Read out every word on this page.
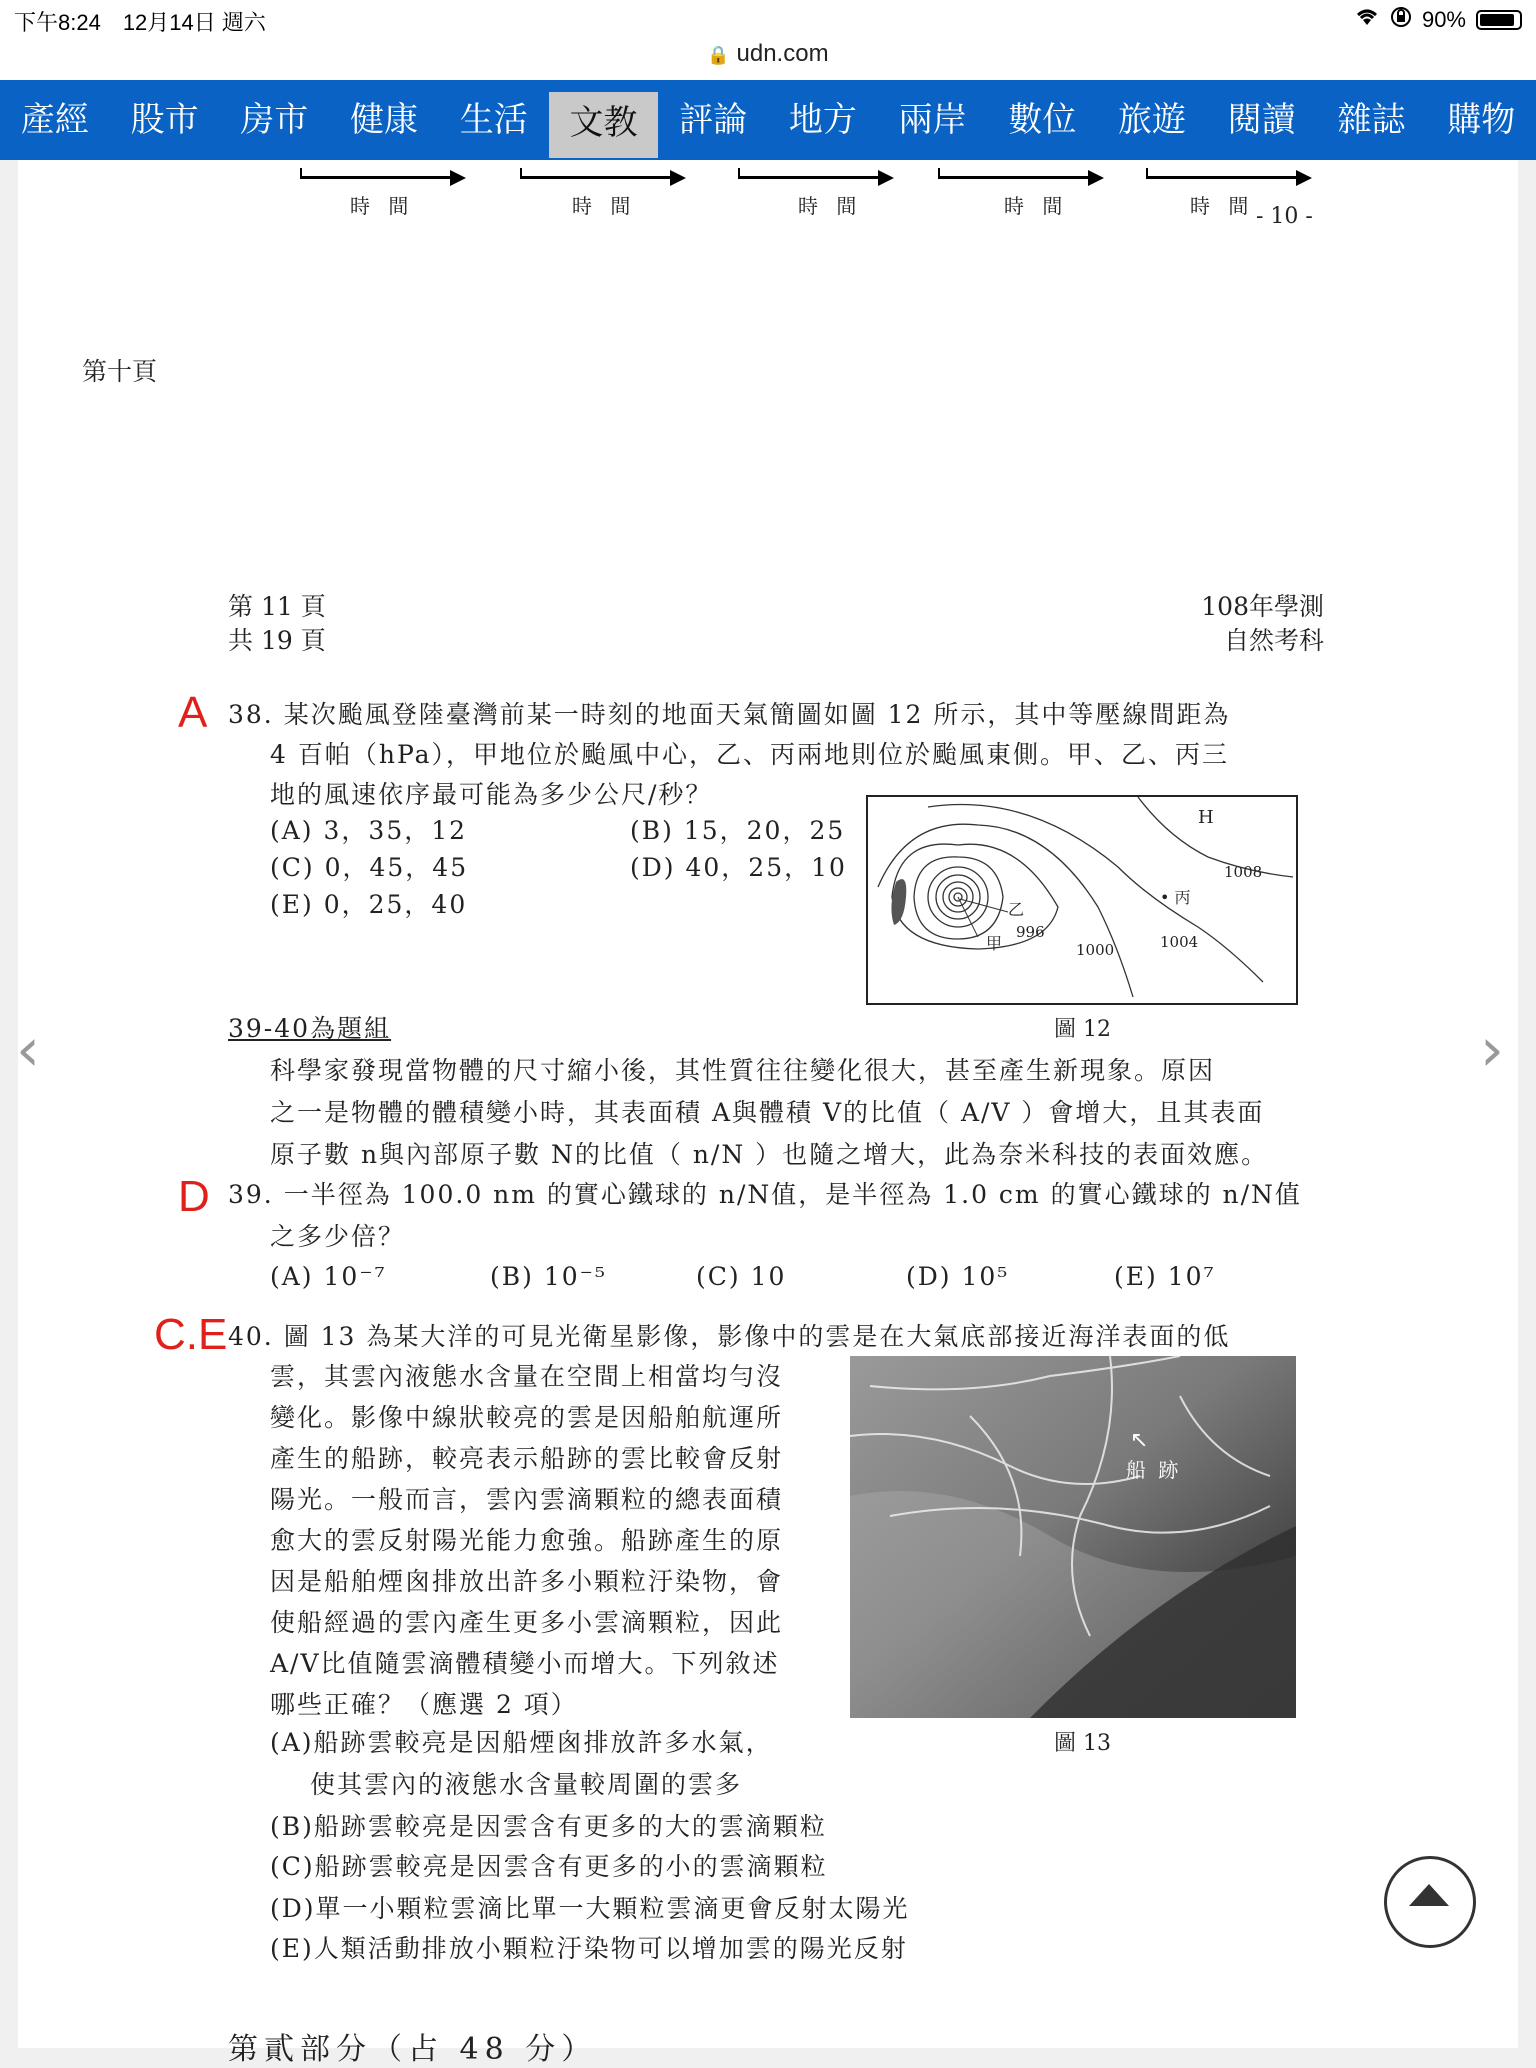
下午8:24　12月14日 週六	90%
🔒 udn.com
產經	股市	房市	健康	生活	文教	評論	地方	兩岸	數位	旅遊	閱讀	雜誌	購物
時 間	時 間	時 間	時 間	時 間 - 10 -
第十頁
第 11 頁
共 19 頁
108年學測
自然考科
A 38. 某次颱風登陸臺灣前某一時刻的地面天氣簡圖如圖 12 所示，其中等壓線間距為
4 百帕（hPa），甲地位於颱風中心，乙、丙兩地則位於颱風東側。甲、乙、丙三
地的風速依序最可能為多少公尺/秒？
(A) 3，35，12	(B) 15，20，25
(C) 0，45，45	(D) 40，25，10
(E) 0，25，40
H
1008
1004
1000
996
甲
乙
• 丙
圖 12
39-40為題組
科學家發現當物體的尺寸縮小後，其性質往往變化很大，甚至產生新現象。原因
之一是物體的體積變小時，其表面積 A與體積 V的比值（ A/V ）會增大，且其表面
原子數 n與內部原子數 N的比值（ n/N ）也隨之增大，此為奈米科技的表面效應。
D 39. 一半徑為 100.0 nm 的實心鐵球的 n/N值，是半徑為 1.0 cm 的實心鐵球的 n/N值
之多少倍？
(A) 10⁻⁷	(B) 10⁻⁵	(C) 10	(D) 10⁵	(E) 10⁷
C.E 40. 圖 13 為某大洋的可見光衛星影像，影像中的雲是在大氣底部接近海洋表面的低
雲，其雲內液態水含量在空間上相當均勻沒
變化。影像中線狀較亮的雲是因船舶航運所
產生的船跡，較亮表示船跡的雲比較會反射
陽光。一般而言，雲內雲滴顆粒的總表面積
愈大的雲反射陽光能力愈強。船跡產生的原
因是船舶煙囪排放出許多小顆粒汙染物，會
使船經過的雲內產生更多小雲滴顆粒，因此
A/V比值隨雲滴體積變小而增大。下列敘述
哪些正確？（應選 2 項）
↖
船 跡
圖 13
(A)船跡雲較亮是因船煙囪排放許多水氣，
使其雲內的液態水含量較周圍的雲多
(B)船跡雲較亮是因雲含有更多的大的雲滴顆粒
(C)船跡雲較亮是因雲含有更多的小的雲滴顆粒
(D)單一小顆粒雲滴比單一大顆粒雲滴更會反射太陽光
(E)人類活動排放小顆粒汙染物可以增加雲的陽光反射
第貳部分（占 48 分）
‹	›
